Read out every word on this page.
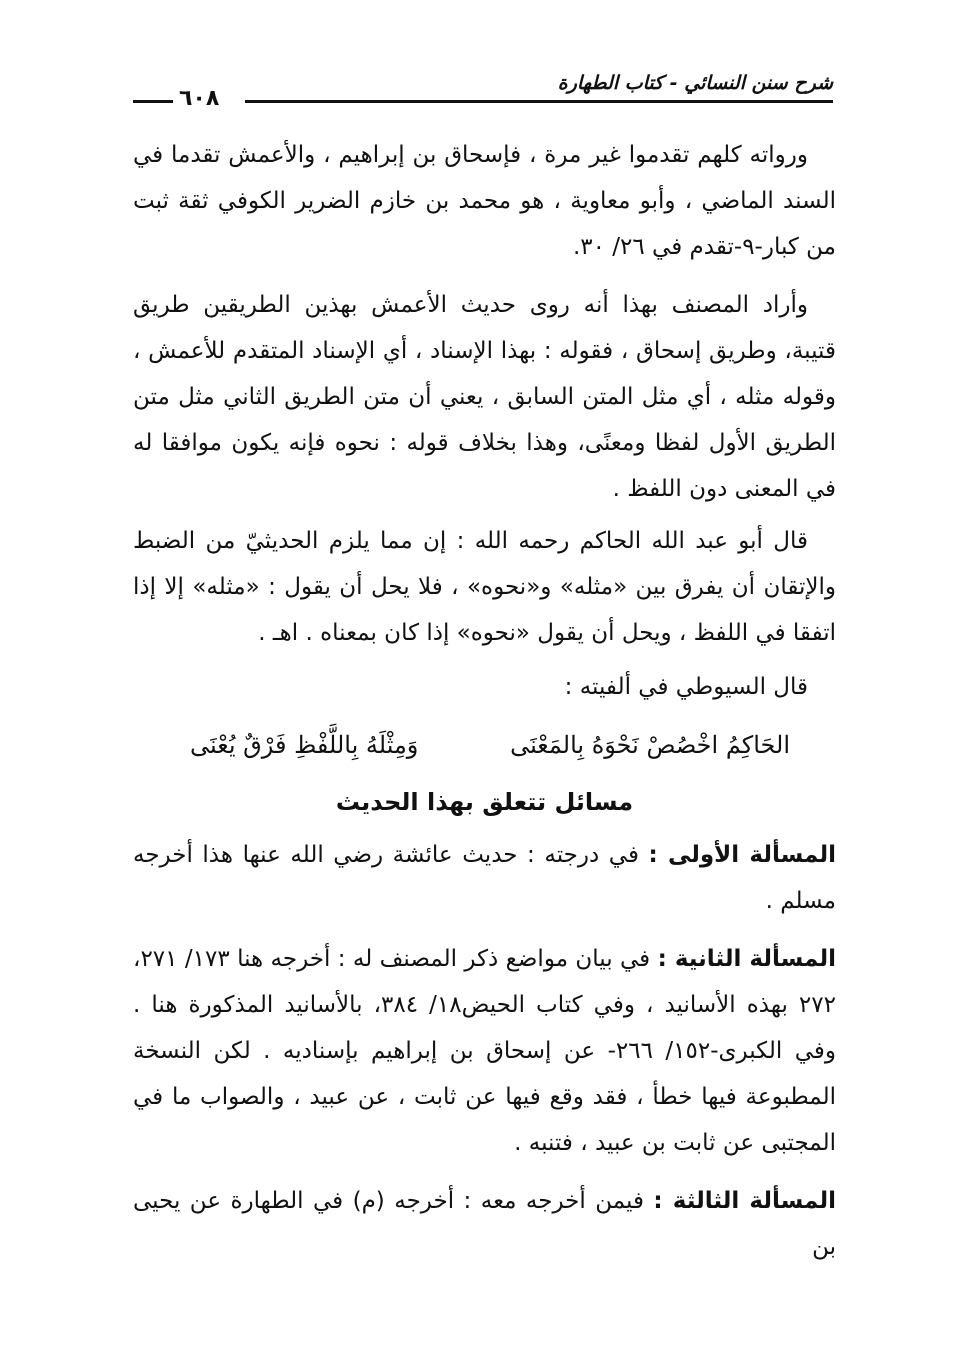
شرح سنن النسائي - كتاب الطهارة
٦٠٨

ورواته كلهم تقدموا غير مرة ، فإسحاق بن إبراهيم ، والأعمش تقدما في السند الماضي ، وأبو معاوية ، هو محمد بن خازم الضرير الكوفي ثقة ثبت من كبار-٩-تقدم في ٢٦/ ٣٠.

وأراد المصنف بهذا أنه روى حديث الأعمش بهذين الطريقين طريق قتيبة، وطريق إسحاق ، فقوله : بهذا الإسناد ، أي الإسناد المتقدم للأعمش ، وقوله مثله ، أي مثل المتن السابق ، يعني أن متن الطريق الثاني مثل متن الطريق الأول لفظا ومعنًى، وهذا بخلاف قوله : نحوه فإنه يكون موافقا له في المعنى دون اللفظ .

قال أبو عبد الله الحاكم رحمه الله : إن مما يلزم الحديثيّ من الضبط والإتقان أن يفرق بين «مثله» و«نحوه» ، فلا يحل أن يقول : «مثله» إلا إذا اتفقا في اللفظ ، ويحل أن يقول «نحوه» إذا كان بمعناه . اهـ .

قال السيوطي في ألفيته :

الحَاكِمُ اخْصُصْ نَحْوَهُ بِالمَعْنَى
وَمِثْلَهُ بِاللَّفْظِ فَرْقٌ يُعْنَى
مسائل تتعلق بهذا الحديث

المسألة الأولى : في درجته : حديث عائشة رضي الله عنها هذا أخرجه مسلم .

المسألة الثانية : في بيان مواضع ذكر المصنف له : أخرجه هنا ١٧٣/ ٢٧١، ٢٧٢ بهذه الأسانيد ، وفي كتاب الحيض١٨/ ٣٨٤، بالأسانيد المذكورة هنا . وفي الكبرى-١٥٢/ ٢٦٦- عن إسحاق بن إبراهيم بإسناديه . لكن النسخة المطبوعة فيها خطأ ، فقد وقع فيها عن ثابت ، عن عبيد ، والصواب ما في المجتبى عن ثابت بن عبيد ، فتنبه .

المسألة الثالثة : فيمن أخرجه معه : أخرجه (م) في الطهارة عن يحيى بن
